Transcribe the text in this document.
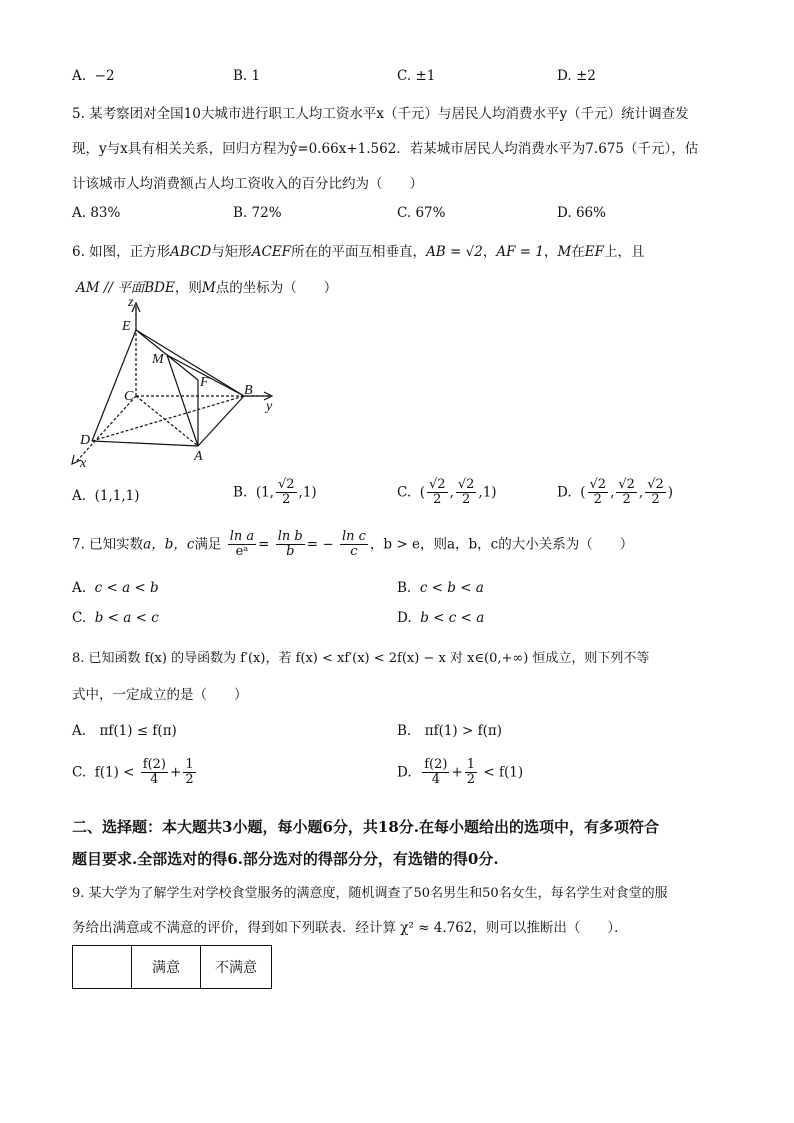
A. −2	B. 1	C. ±1	D. ±2
5. 某考察团对全国10大城市进行职工人均工资水平x（千元）与居民人均消费水平y（千元）统计调查发
现，y与x具有相关关系，回归方程为ŷ=0.66x+1.562．若某城市居民人均消费水平为7.675（千元），估
计该城市人均消费额占人均工资收入的百分比约为（　　）
A. 83%	B. 72%	C. 67%	D. 66%
6. 如图，正方形ABCD与矩形ACEF所在的平面互相垂直，AB = √2，AF = 1，M在EF上，且
AM // 平面BDE，则M点的坐标为（　　）
z
E
M
F
C	B
y
D
A
x
A. (1,1,1)	B. (1, $\frac{√2}{2} ,1$)	C.  ( $\frac{√2}{2}$ , $\frac{√2}{2} ,1$)	D.  ( $\frac{√2}{2}$ , $\frac{√2}{2}$ , $\frac{√2}{2}$ )
7. 已知实数a，b，c满足 $\frac{\text{ln a}}{\text{eᵃ}} = \frac{\text{ln b}}{b}$ = − $\frac{\text{ln c}}{c}$ ，b > e，则a，b，c的大小关系为（　　）
A. c < a < b	B. c < b < a
C. b < a < c	D. b < c < a
8. 已知函数 f(x) 的导函数为 f′(x)，若 f(x) < xf′(x) < 2f(x) − x 对 x∈(0,+∞) 恒成立，则下列不等
式中，一定成立的是（　　）
A.　πf(1) ≤ f(π)	B.　πf(1) > f(π)
C. $f(1) < \frac{f(2)}{4} + \frac{1}{2}$	D. $\frac{f(2)}{4} + \frac{1}{2} < f(1)$
二、选择题：本大题共3小题，每小题6分，共18分.在每小题给出的选项中，有多项符合
题目要求.全部选对的得6.部分选对的得部分分，有选错的得0分.
9. 某大学为了解学生对学校食堂服务的满意度，随机调查了50名男生和50名女生，每名学生对食堂的服
务给出满意或不满意的评价，得到如下列联表．经计算 χ² ≈ 4.762，则可以推断出（　　）．
	满意	不满意
